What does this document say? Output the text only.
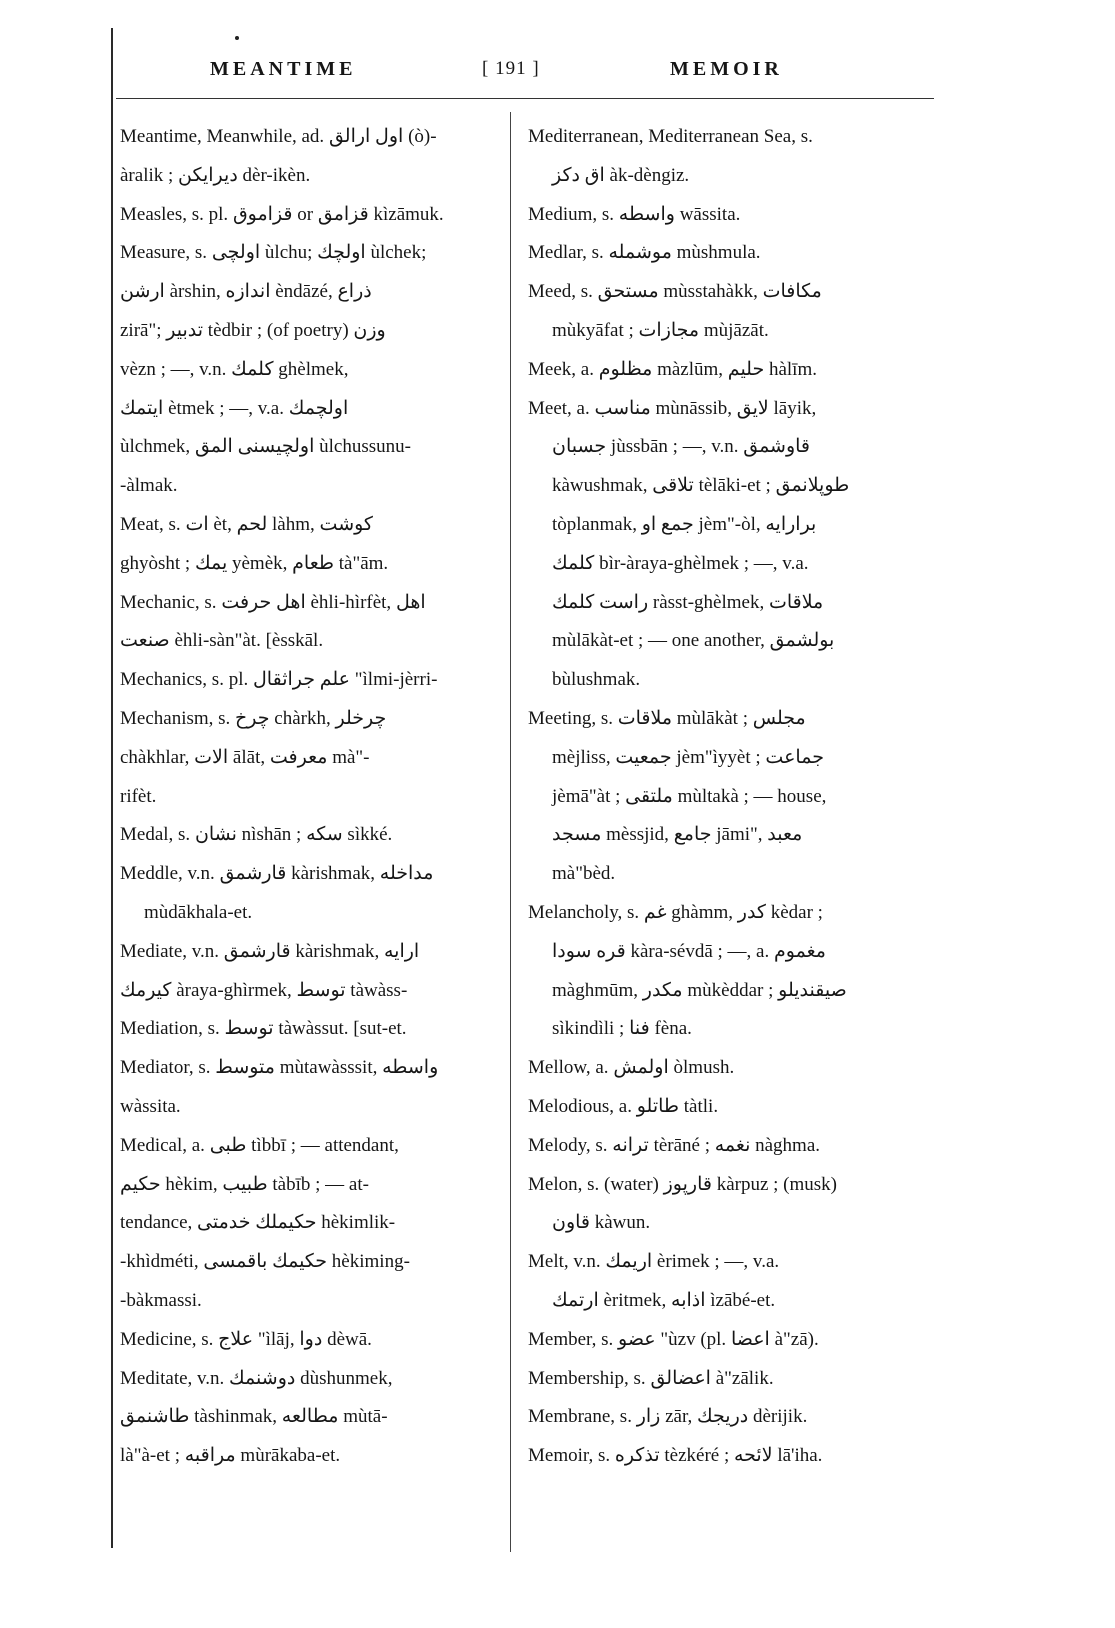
MEANTIME	[ 191 ]	MEMOIR
Meantime, Meanwhile, ad. اول ارالق (ò)-
àralik ; ديرايكن dèr-ikèn.
Measles, s. pl. قزاموق or قزامق kìzāmuk.
Measure, s. اولچى ùlchu; اولچك ùlchek;
ارشن àrshin, اندازه èndāzé, ذراع
zirā"; تدبير tèdbir ; (of poetry) وزن
vèzn ; —, v.n. كلمك ghèlmek,
ايتمك ètmek ; —, v.a. اولچمك
ùlchmek, اولچيسنى المق ùlchussunu-
-àlmak.
Meat, s. ات èt, لحم làhm, كوشت
ghyòsht ; يمك yèmèk, طعام tà"ām.
Mechanic, s. اهل حرفت èhli-hìrfèt, اهل
صنعت èhli-sàn"àt. [èsskāl.
Mechanics, s. pl. علم جراثقال "ìlmi-jèrri-
Mechanism, s. چرخ chàrkh, چرخلر
chàkhlar, الات ālāt, معرفت mà"-
rifèt.
Medal, s. نشان nìshān ; سكه sìkké.
Meddle, v.n. قارشمق kàrishmak, مداخله
mùdākhala-et.
Mediate, v.n. قارشمق kàrishmak, ارايه
كيرمك àraya-ghìrmek, توسط tàwàss-
Mediation, s. توسط tàwàssut. [sut-et.
Mediator, s. متوسط mùtawàsssit, واسطه
wàssita.
Medical, a. طبى tìbbī ; — attendant,
حكيم hèkim, طبيب tàbīb ; — at-
tendance, حكيملك خدمتى hèkimlik-
-khìdméti, حكيمك باقمسى hèkiming-
-bàkmassi.
Medicine, s. علاج "ìlāj, دوا dèwā.
Meditate, v.n. دوشنمك dùshunmek,
طاشنمق tàshinmak, مطالعه mùtā-
là"à-et ; مراقبه mùrākaba-et.
Mediterranean, Mediterranean Sea, s.
اق دكز àk-dèngiz.
Medium, s. واسطه wāssita.
Medlar, s. موشمله mùshmula.
Meed, s. مستحق mùsstahàkk, مكافات
mùkyāfat ; مجازات mùjāzāt.
Meek, a. مظلوم màzlūm, حليم hàlīm.
Meet, a. مناسب mùnāssib, لايق lāyik,
جسبان jùssbān ; —, v.n. قاوشمق
kàwushmak, تلاقى tèlāki-et ; طوپلانمق
tòplanmak, جمع او jèm"-òl, برارايه
كلمك bìr-àraya-ghèlmek ; —, v.a.
راست كلمك ràsst-ghèlmek, ملاقات
mùlākàt-et ; — one another, بولشمق
bùlushmak.
Meeting, s. ملاقات mùlākàt ; مجلس
mèjliss, جمعيت jèm"ìyyèt ; جماعت
jèmā"àt ; ملتقى mùltakà ; — house,
مسجد mèssjid, جامع jāmi", معبد
mà"bèd.
Melancholy, s. غم ghàmm, كدر kèdar ;
قره سودا kàra-sévdā ; —, a. مغموم
màghmūm, مكدر mùkèddar ; صيقنديلو
sìkindìli ; فنا fèna.
Mellow, a. اولمش òlmush.
Melodious, a. طاتلو tàtli.
Melody, s. ترانه tèrāné ; نغمه nàghma.
Melon, s. (water) قارپوز kàrpuz ; (musk)
قاون kàwun.
Melt, v.n. اريمك èrimek ; —, v.a.
ارتمك èritmek, اذابه ìzābé-et.
Member, s. عضو "ùzv (pl. اعضا à"zā).
Membership, s. اعضالق à"zālik.
Membrane, s. زار zār, دريجك dèrijik.
Memoir, s. تذكره tèzkéré ; لائحه lā'iha.
